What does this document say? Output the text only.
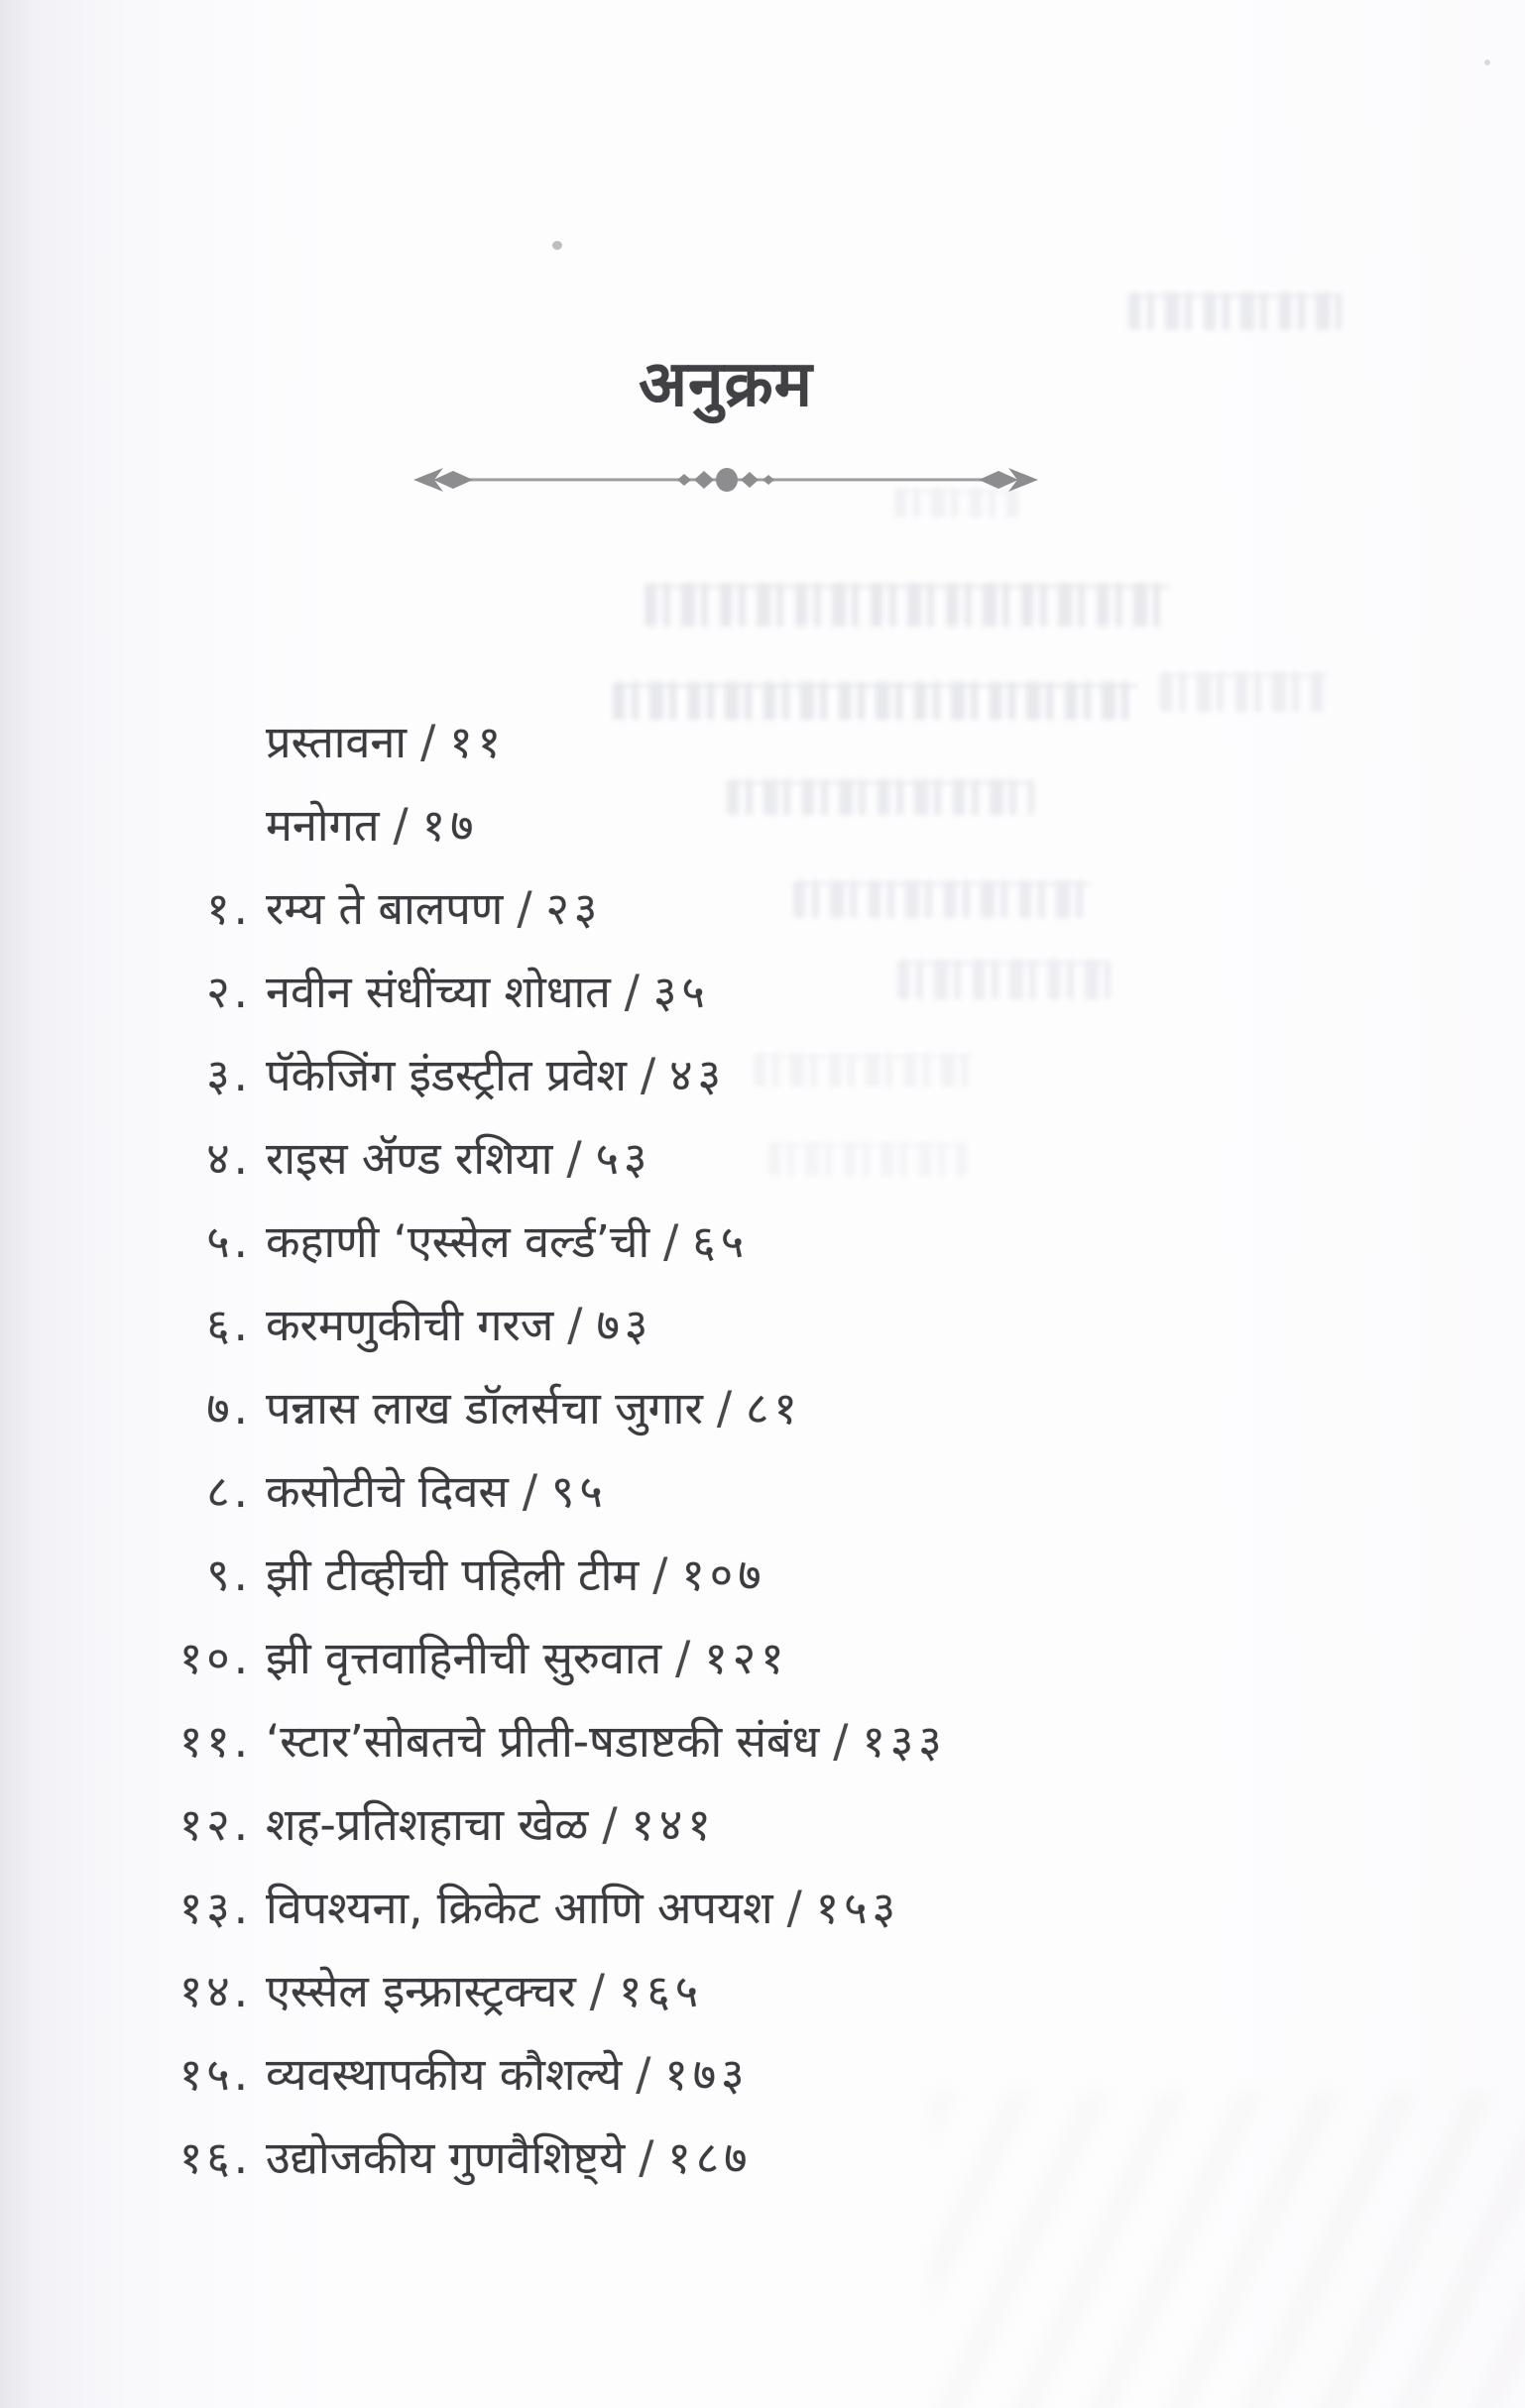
अनुक्रम
प्रस्तावना / ११
मनोगत / १७
१. रम्य ते बालपण / २३
२. नवीन संधींच्या शोधात / ३५
३. पॅकेजिंग इंडस्ट्रीत प्रवेश / ४३
४. राइस ॲण्ड रशिया / ५३
५. कहाणी ‘एस्सेल वर्ल्ड’ची / ६५
६. करमणुकीची गरज / ७३
७. पन्नास लाख डॉलर्सचा जुगार / ८१
८. कसोटीचे दिवस / ९५
९. झी टीव्हीची पहिली टीम / १०७
१०. झी वृत्तवाहिनीची सुरुवात / १२१
११. ‘स्टार’सोबतचे प्रीती-षडाष्टकी संबंध / १३३
१२. शह-प्रतिशहाचा खेळ / १४१
१३. विपश्यना, क्रिकेट आणि अपयश / १५३
१४. एस्सेल इन्फ्रास्ट्रक्चर / १६५
१५. व्यवस्थापकीय कौशल्ये / १७३
१६. उद्योजकीय गुणवैशिष्ट्ये / १८७
